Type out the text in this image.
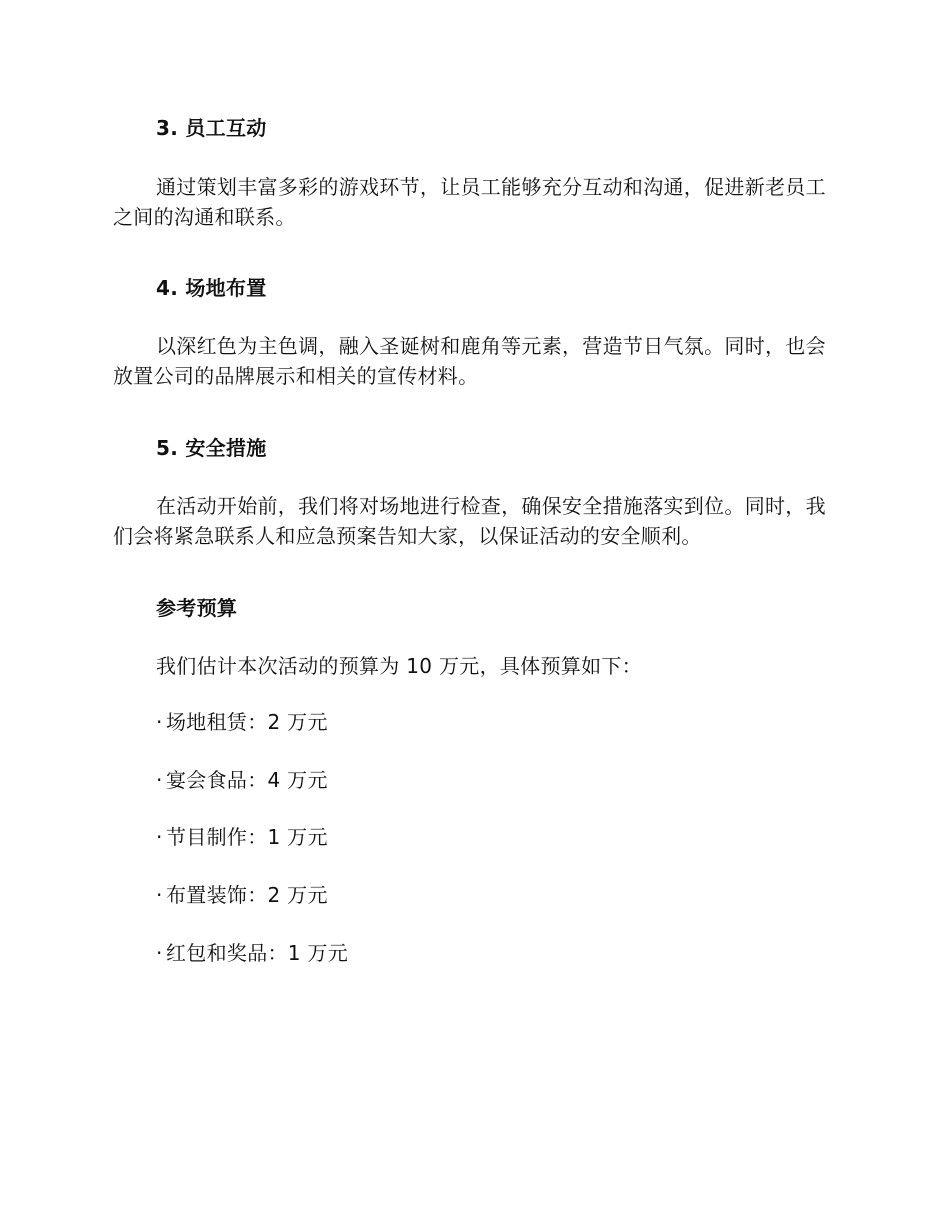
3. 员工互动

通过策划丰富多彩的游戏环节，让员工能够充分互动和沟通，促进新老员工之间的沟通和联系。

4. 场地布置

以深红色为主色调，融入圣诞树和鹿角等元素，营造节日气氛。同时，也会放置公司的品牌展示和相关的宣传材料。

5. 安全措施

在活动开始前，我们将对场地进行检查，确保安全措施落实到位。同时，我们会将紧急联系人和应急预案告知大家，以保证活动的安全顺利。

参考预算

我们估计本次活动的预算为 10 万元，具体预算如下：

· 场地租赁：2 万元
· 宴会食品：4 万元
· 节目制作：1 万元
· 布置装饰：2 万元
· 红包和奖品：1 万元
